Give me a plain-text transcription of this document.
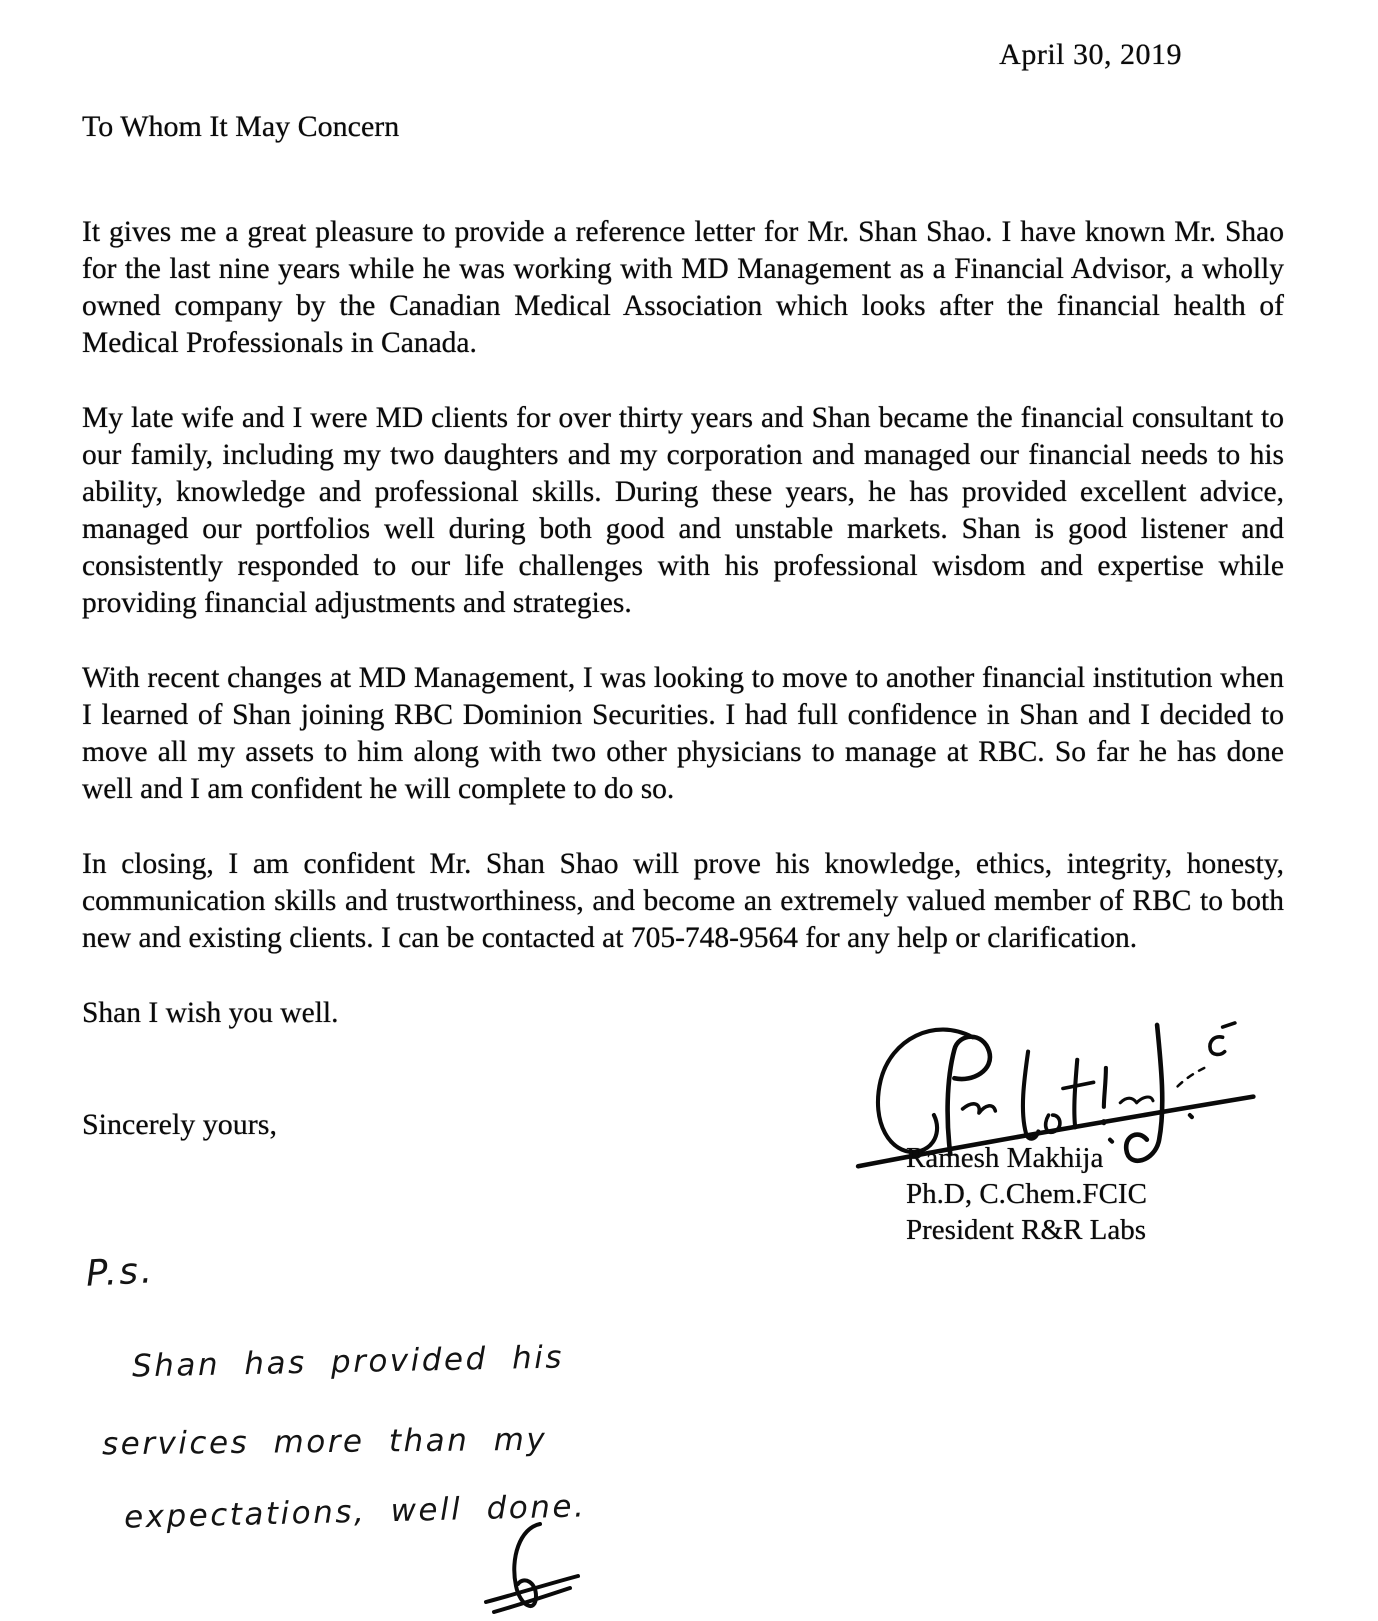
April 30, 2019
To Whom It May Concern

It gives me a great pleasure to provide a reference letter for Mr. Shan Shao. I have known Mr. Shao for the last nine years while he was working with MD Management as a Financial Advisor, a wholly owned company by the Canadian Medical Association which looks after the financial health of Medical Professionals in Canada.

My late wife and I were MD clients for over thirty years and Shan became the financial consultant to our family, including my two daughters and my corporation and managed our financial needs to his ability, knowledge and professional skills. During these years, he has provided excellent advice, managed our portfolios well during both good and unstable markets. Shan is good listener and consistently responded to our life challenges with his professional wisdom and expertise while providing financial adjustments and strategies.

With recent changes at MD Management, I was looking to move to another financial institution when I learned of Shan joining RBC Dominion Securities. I had full confidence in Shan and I decided to move all my assets to him along with two other physicians to manage at RBC. So far he has done well and I am confident he will complete to do so.

In closing, I am confident Mr. Shan Shao will prove his knowledge, ethics, integrity, honesty, communication skills and trustworthiness, and become an extremely valued member of RBC to both new and existing clients. I can be contacted at 705-748-9564 for any help or clarification.

Shan I wish you well.

Sincerely yours,
Ramesh Makhija
Ph.D, C.Chem.FCIC
President R&R Labs
P.s.
Shan has provided his
services more than my
expectations, well done.
